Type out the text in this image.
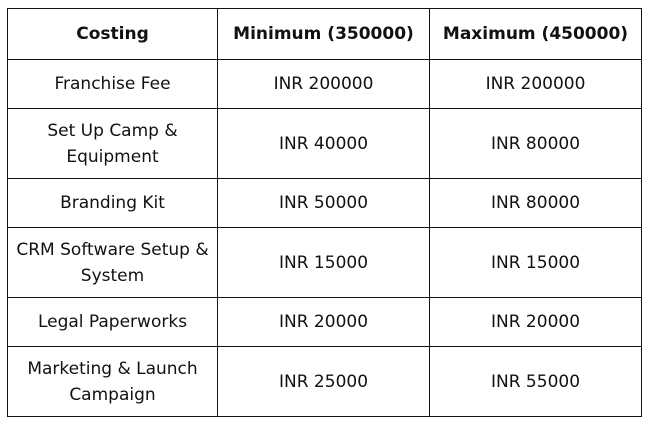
Costing	Minimum (350000)	Maximum (450000)
Franchise Fee	INR 200000	INR 200000
Set Up Camp & Equipment	INR 40000	INR 80000
Branding Kit	INR 50000	INR 80000
CRM Software Setup & System	INR 15000	INR 15000
Legal Paperworks	INR 20000	INR 20000
Marketing & Launch Campaign	INR 25000	INR 55000
